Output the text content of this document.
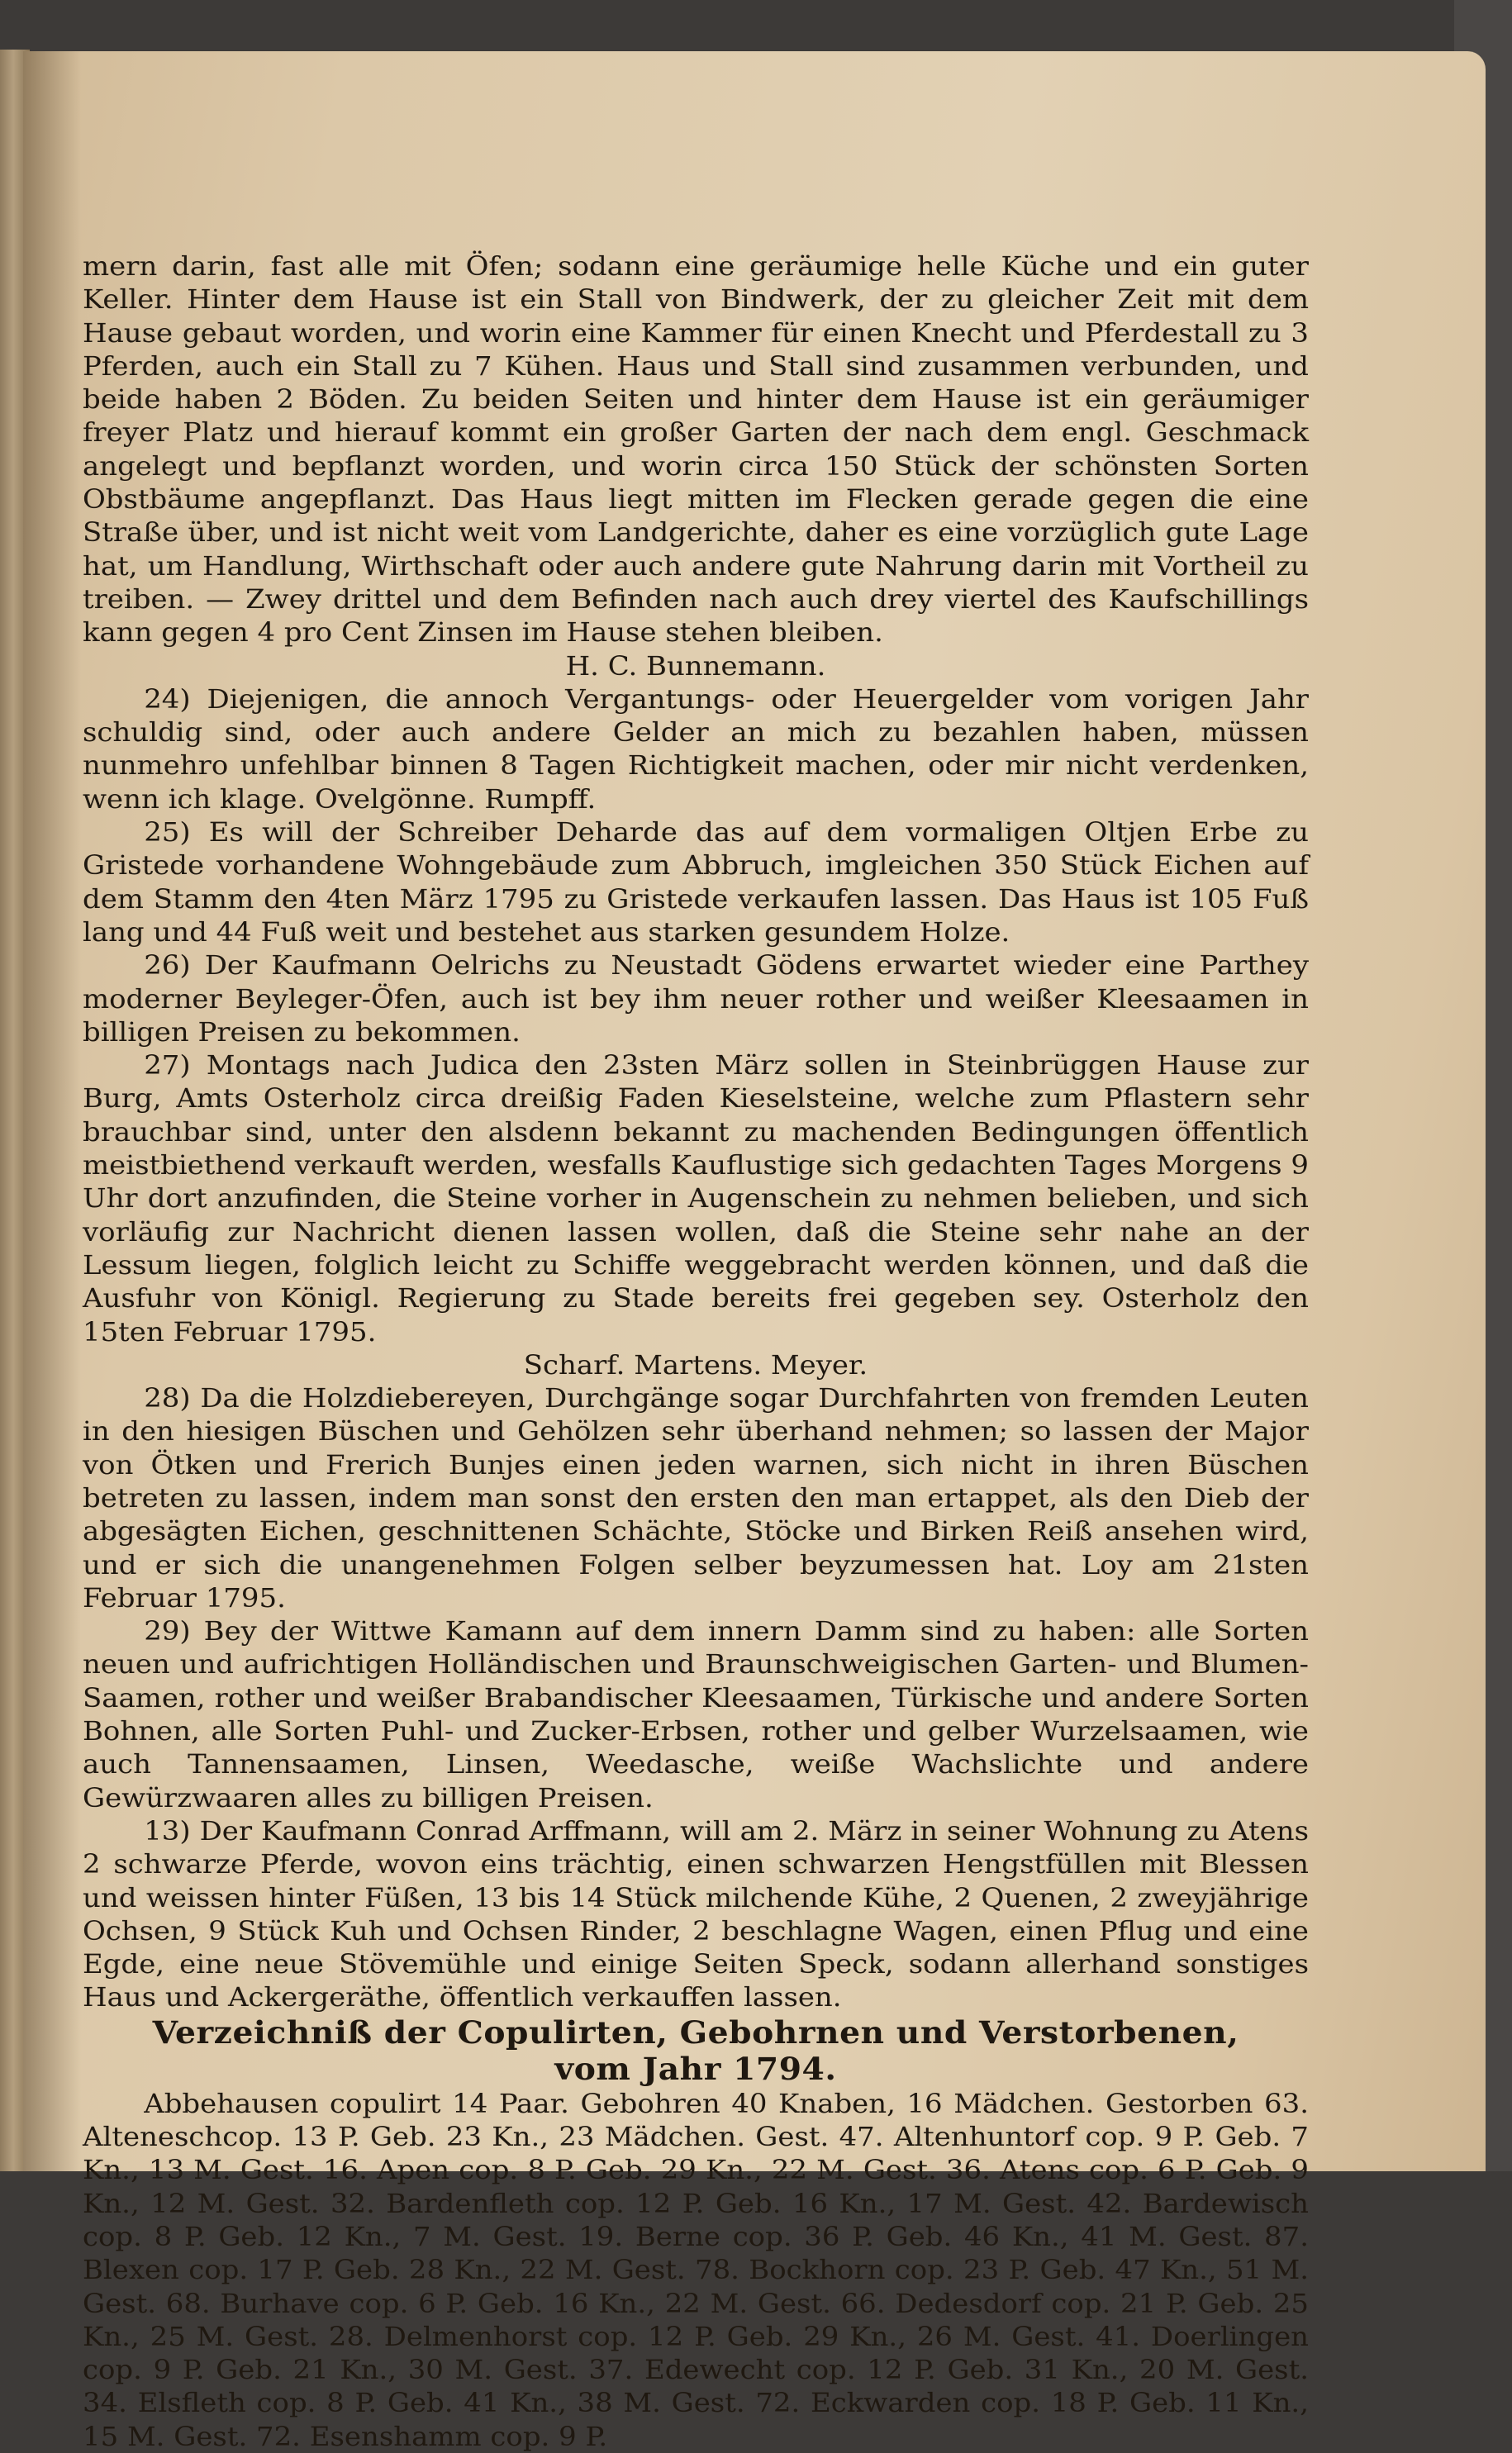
mern darin, fast alle mit Öfen; sodann eine geräumige helle Küche und ein guter Keller. Hinter dem Hause ist ein Stall von Bindwerk, der zu gleicher Zeit mit dem Hause gebaut worden, und worin eine Kammer für einen Knecht und Pferdestall zu 3 Pferden, auch ein Stall zu 7 Kühen. Haus und Stall sind zusammen verbunden, und beide haben 2 Böden. Zu beiden Seiten und hinter dem Hause ist ein geräumiger freyer Platz und hierauf kommt ein großer Garten der nach dem engl. Geschmack angelegt und bepflanzt worden, und worin circa 150 Stück der schönsten Sorten Obstbäume angepflanzt. Das Haus liegt mitten im Flecken gerade gegen die eine Straße über, und ist nicht weit vom Landgerichte, daher es eine vorzüglich gute Lage hat, um Handlung, Wirthschaft oder auch andere gute Nahrung darin mit Vortheil zu treiben. — Zwey drittel und dem Befinden nach auch drey viertel des Kaufschillings kann gegen 4 pro Cent Zinsen im Hause stehen bleiben.

H. C. Bunnemann.

24) Diejenigen, die annoch Vergantungs- oder Heuergelder vom vorigen Jahr schuldig sind, oder auch andere Gelder an mich zu bezahlen haben, müssen nunmehro unfehlbar binnen 8 Tagen Richtigkeit machen, oder mir nicht verdenken, wenn ich klage. Ovelgönne. Rumpff.

25) Es will der Schreiber Deharde das auf dem vormaligen Oltjen Erbe zu Gristede vorhandene Wohngebäude zum Abbruch, imgleichen 350 Stück Eichen auf dem Stamm den 4ten März 1795 zu Gristede verkaufen lassen. Das Haus ist 105 Fuß lang und 44 Fuß weit und bestehet aus starken gesundem Holze.

26) Der Kaufmann Oelrichs zu Neustadt Gödens erwartet wieder eine Parthey moderner Beyleger-Öfen, auch ist bey ihm neuer rother und weißer Kleesaamen in billigen Preisen zu bekommen.

27) Montags nach Judica den 23sten März sollen in Steinbrüggen Hause zur Burg, Amts Osterholz circa dreißig Faden Kieselsteine, welche zum Pflastern sehr brauchbar sind, unter den alsdenn bekannt zu machenden Bedingungen öffentlich meistbiethend verkauft werden, wesfalls Kauflustige sich gedachten Tages Morgens 9 Uhr dort anzufinden, die Steine vorher in Augenschein zu nehmen belieben, und sich vorläufig zur Nachricht dienen lassen wollen, daß die Steine sehr nahe an der Lessum liegen, folglich leicht zu Schiffe weggebracht werden können, und daß die Ausfuhr von Königl. Regierung zu Stade bereits frei gegeben sey. Osterholz den 15ten Februar 1795.

Scharf. Martens. Meyer.

28) Da die Holzdiebereyen, Durchgänge sogar Durchfahrten von fremden Leuten in den hiesigen Büschen und Gehölzen sehr überhand nehmen; so lassen der Major von Ötken und Frerich Bunjes einen jeden warnen, sich nicht in ihren Büschen betreten zu lassen, indem man sonst den ersten den man ertappet, als den Dieb der abgesägten Eichen, geschnittenen Schächte, Stöcke und Birken Reiß ansehen wird, und er sich die unangenehmen Folgen selber beyzumessen hat. Loy am 21sten Februar 1795.

29) Bey der Wittwe Kamann auf dem innern Damm sind zu haben: alle Sorten neuen und aufrichtigen Holländischen und Braunschweigischen Garten- und Blumen-Saamen, rother und weißer Brabandischer Kleesaamen, Türkische und andere Sorten Bohnen, alle Sorten Puhl- und Zucker-Erbsen, rother und gelber Wurzelsaamen, wie auch Tannensaamen, Linsen, Weedasche, weiße Wachslichte und andere Gewürzwaaren alles zu billigen Preisen.

13) Der Kaufmann Conrad Arffmann, will am 2. März in seiner Wohnung zu Atens 2 schwarze Pferde, wovon eins trächtig, einen schwarzen Hengstfüllen mit Blessen und weissen hinter Füßen, 13 bis 14 Stück milchende Kühe, 2 Quenen, 2 zweyjährige Ochsen, 9 Stück Kuh und Ochsen Rinder, 2 beschlagne Wagen, einen Pflug und eine Egde, eine neue Stövemühle und einige Seiten Speck, sodann allerhand sonstiges Haus und Ackergeräthe, öffentlich verkauffen lassen.

Verzeichniß der Copulirten, Gebohrnen und Verstorbenen,
vom Jahr 1794.

Abbehausen copulirt 14 Paar. Gebohren 40 Knaben, 16 Mädchen. Gestorben 63. Alteneschcop. 13 P. Geb. 23 Kn., 23 Mädchen. Gest. 47. Altenhuntorf cop. 9 P. Geb. 7 Kn., 13 M. Gest. 16. Apen cop. 8 P. Geb. 29 Kn., 22 M. Gest. 36. Atens cop. 6 P. Geb. 9 Kn., 12 M. Gest. 32. Bardenfleth cop. 12 P. Geb. 16 Kn., 17 M. Gest. 42. Bardewisch cop. 8 P. Geb. 12 Kn., 7 M. Gest. 19. Berne cop. 36 P. Geb. 46 Kn., 41 M. Gest. 87. Blexen cop. 17 P. Geb. 28 Kn., 22 M. Gest. 78. Bockhorn cop. 23 P. Geb. 47 Kn., 51 M. Gest. 68. Burhave cop. 6 P. Geb. 16 Kn., 22 M. Gest. 66. Dedesdorf cop. 21 P. Geb. 25 Kn., 25 M. Gest. 28. Delmenhorst cop. 12 P. Geb. 29 Kn., 26 M. Gest. 41. Doerlingen cop. 9 P. Geb. 21 Kn., 30 M. Gest. 37. Edewecht cop. 12 P. Geb. 31 Kn., 20 M. Gest. 34. Elsfleth cop. 8 P. Geb. 41 Kn., 38 M. Gest. 72. Eckwarden cop. 18 P. Geb. 11 Kn., 15 M. Gest. 72. Esenshamm cop. 9 P.
